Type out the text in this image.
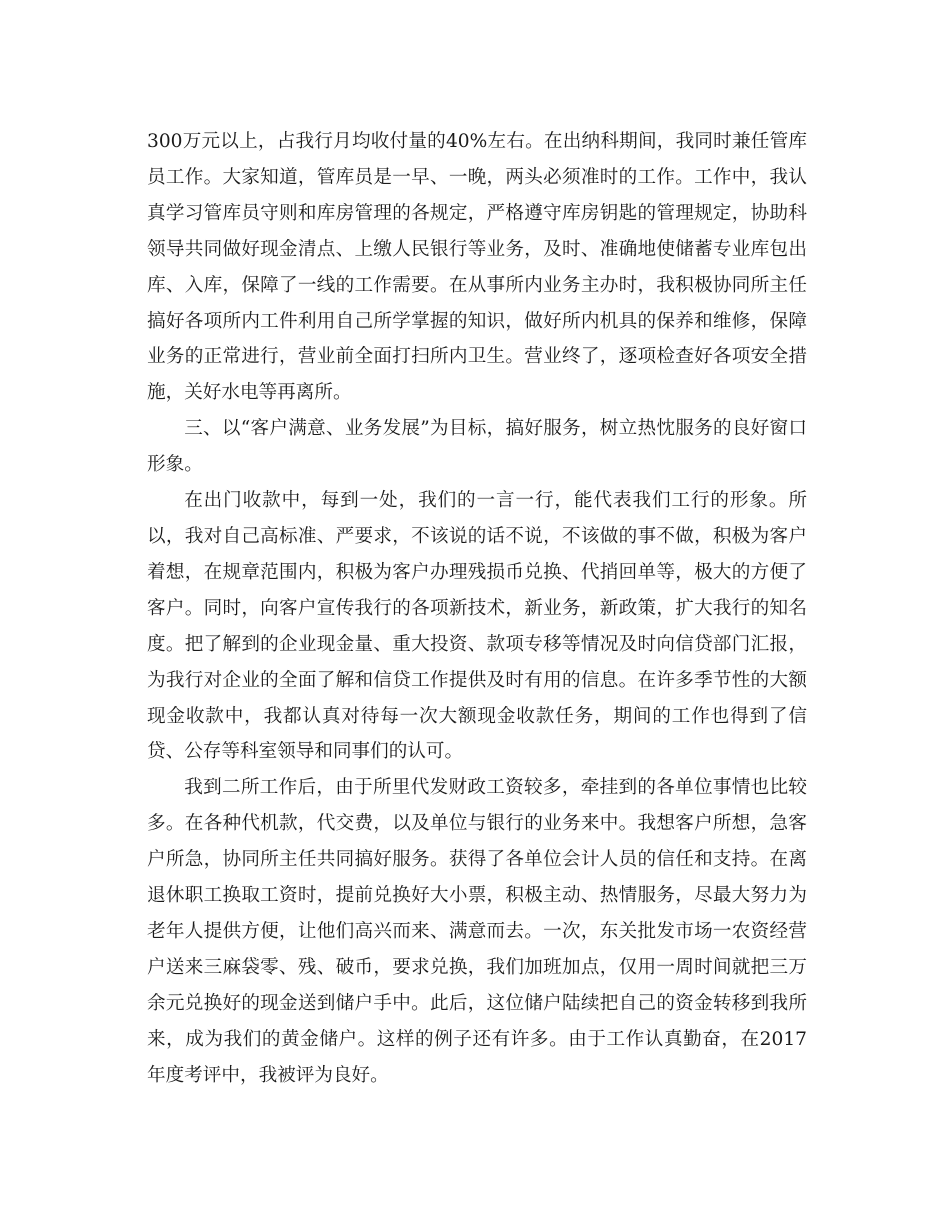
300万元以上，占我行月均收付量的40%左右。在出纳科期间，我同时兼任管库员工作。大家知道，管库员是一早、一晚，两头必须准时的工作。工作中，我认真学习管库员守则和库房管理的各规定，严格遵守库房钥匙的管理规定，协助科领导共同做好现金清点、上缴人民银行等业务，及时、准确地使储蓄专业库包出库、入库，保障了一线的工作需要。在从事所内业务主办时，我积极协同所主任搞好各项所内工件利用自己所学掌握的知识，做好所内机具的保养和维修，保障业务的正常进行，营业前全面打扫所内卫生。营业终了，逐项检查好各项安全措施，关好水电等再离所。

三、以“客户满意、业务发展”为目标，搞好服务，树立热忱服务的良好窗口形象。

在出门收款中，每到一处，我们的一言一行，能代表我们工行的形象。所以，我对自己高标准、严要求，不该说的话不说，不该做的事不做，积极为客户着想，在规章范围内，积极为客户办理残损币兑换、代捎回单等，极大的方便了客户。同时，向客户宣传我行的各项新技术，新业务，新政策，扩大我行的知名度。把了解到的企业现金量、重大投资、款项专移等情况及时向信贷部门汇报，为我行对企业的全面了解和信贷工作提供及时有用的信息。在许多季节性的大额现金收款中，我都认真对待每一次大额现金收款任务，期间的工作也得到了信贷、公存等科室领导和同事们的认可。

我到二所工作后，由于所里代发财政工资较多，牵挂到的各单位事情也比较多。在各种代机款，代交费，以及单位与银行的业务来中。我想客户所想，急客户所急，协同所主任共同搞好服务。获得了各单位会计人员的信任和支持。在离退休职工换取工资时，提前兑换好大小票，积极主动、热情服务，尽最大努力为老年人提供方便，让他们高兴而来、满意而去。一次，东关批发市场一农资经营户送来三麻袋零、残、破币，要求兑换，我们加班加点，仅用一周时间就把三万余元兑换好的现金送到储户手中。此后，这位储户陆续把自己的资金转移到我所来，成为我们的黄金储户。这样的例子还有许多。由于工作认真勤奋，在2017年度考评中，我被评为良好。
